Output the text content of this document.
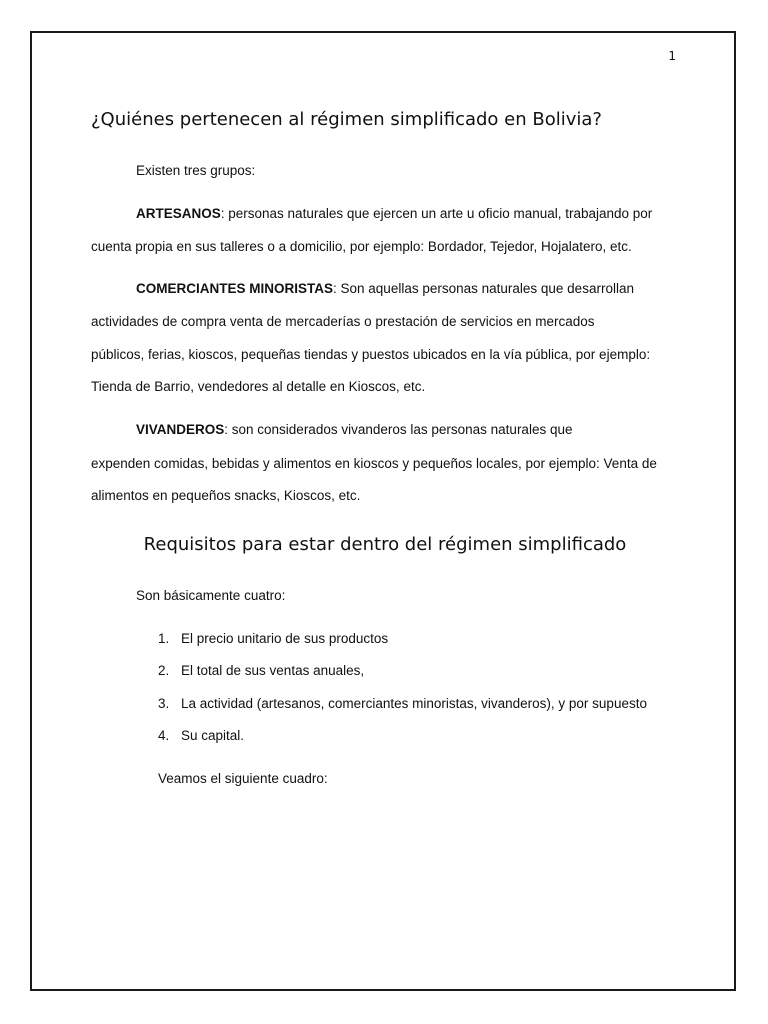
1
¿Quiénes pertenecen al régimen simplificado en Bolivia?
Existen tres grupos:
ARTESANOS: personas naturales que ejercen un arte u oficio manual, trabajando por
cuenta propia en sus talleres o a domicilio, por ejemplo: Bordador, Tejedor, Hojalatero, etc.
COMERCIANTES MINORISTAS: Son aquellas personas naturales que desarrollan
actividades de compra venta de mercaderías o prestación de servicios en mercados
públicos, ferias, kioscos, pequeñas tiendas y puestos ubicados en la vía pública, por ejemplo:
Tienda de Barrio, vendedores al detalle en Kioscos, etc.
VIVANDEROS: son considerados vivanderos las personas naturales que
expenden comidas, bebidas y alimentos en kioscos y pequeños locales, por ejemplo: Venta de
alimentos en pequeños snacks, Kioscos, etc.
Requisitos para estar dentro del régimen simplificado
Son básicamente cuatro:
1. El precio unitario de sus productos
2. El total de sus ventas anuales,
3. La actividad (artesanos, comerciantes minoristas, vivanderos), y por supuesto
4. Su capital.
Veamos el siguiente cuadro:
